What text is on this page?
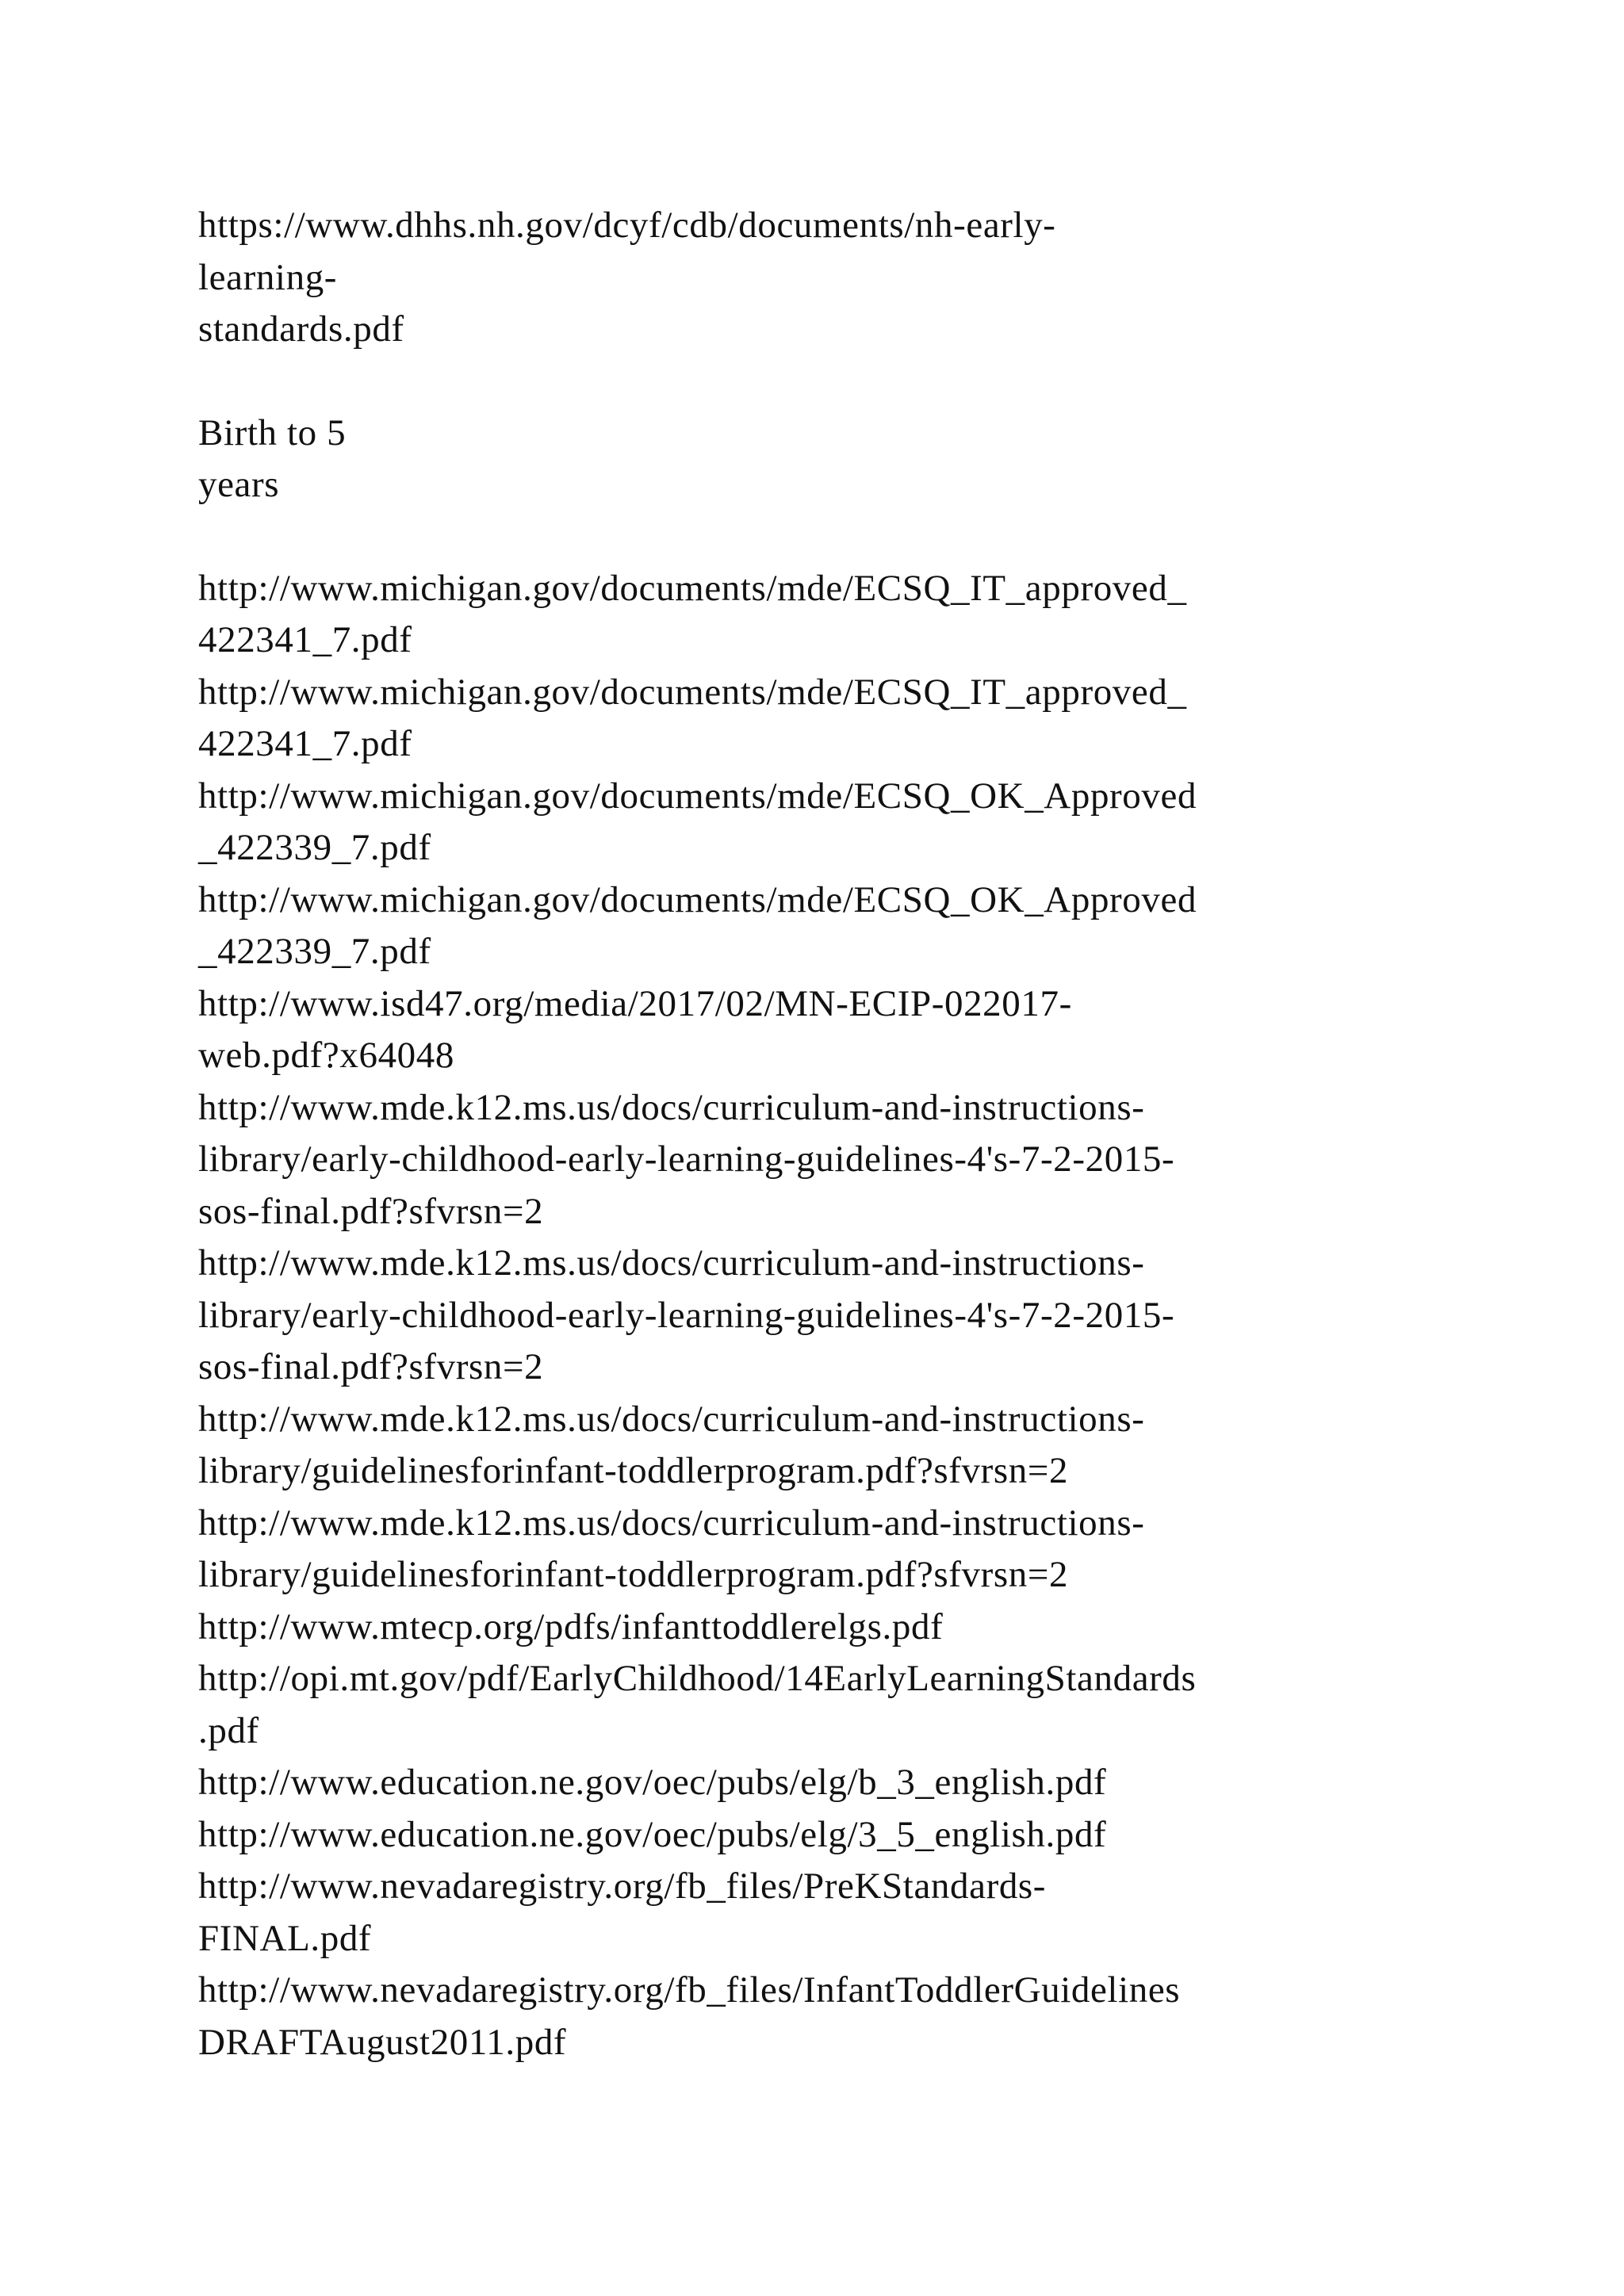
https://www.dhhs.nh.gov/dcyf/cdb/documents/nh-early-
learning-
standards.pdf
Birth to 5
years
http://www.michigan.gov/documents/mde/ECSQ_IT_approved_
422341_7.pdf
http://www.michigan.gov/documents/mde/ECSQ_IT_approved_
422341_7.pdf
http://www.michigan.gov/documents/mde/ECSQ_OK_Approved
_422339_7.pdf
http://www.michigan.gov/documents/mde/ECSQ_OK_Approved
_422339_7.pdf
http://www.isd47.org/media/2017/02/MN-ECIP-022017-
web.pdf?x64048
http://www.mde.k12.ms.us/docs/curriculum-and-instructions-
library/early-childhood-early-learning-guidelines-4's-7-2-2015-
sos-final.pdf?sfvrsn=2
http://www.mde.k12.ms.us/docs/curriculum-and-instructions-
library/early-childhood-early-learning-guidelines-4's-7-2-2015-
sos-final.pdf?sfvrsn=2
http://www.mde.k12.ms.us/docs/curriculum-and-instructions-
library/guidelinesforinfant-toddlerprogram.pdf?sfvrsn=2
http://www.mde.k12.ms.us/docs/curriculum-and-instructions-
library/guidelinesforinfant-toddlerprogram.pdf?sfvrsn=2
http://www.mtecp.org/pdfs/infanttoddlerelgs.pdf
http://opi.mt.gov/pdf/EarlyChildhood/14EarlyLearningStandards
.pdf
http://www.education.ne.gov/oec/pubs/elg/b_3_english.pdf
http://www.education.ne.gov/oec/pubs/elg/3_5_english.pdf
http://www.nevadaregistry.org/fb_files/PreKStandards-
FINAL.pdf
http://www.nevadaregistry.org/fb_files/InfantToddlerGuidelines
DRAFTAugust2011.pdf
